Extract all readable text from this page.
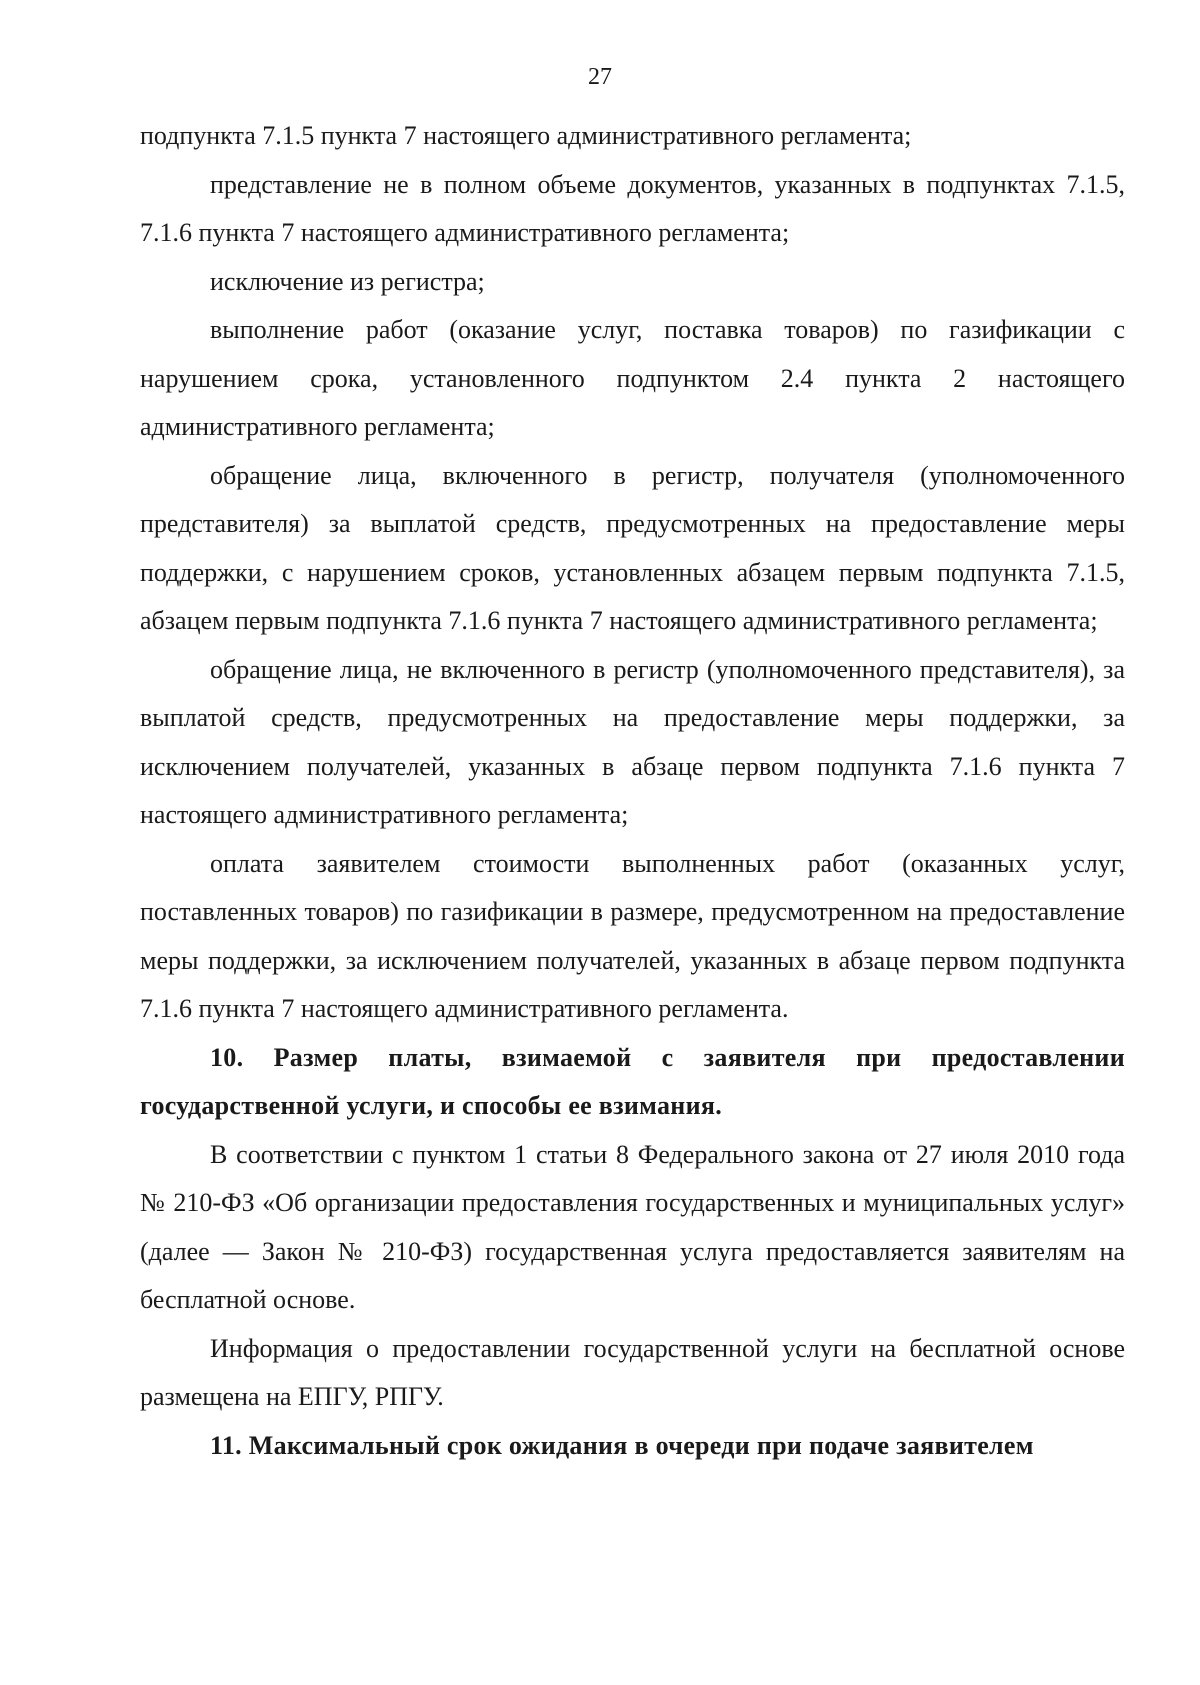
27

подпункта 7.1.5 пункта 7 настоящего административного регламента;

представление не в полном объеме документов, указанных в подпунктах 7.1.5, 7.1.6 пункта 7 настоящего административного регламента;

исключение из регистра;

выполнение работ (оказание услуг, поставка товаров) по газификации с нарушением срока, установленного подпунктом 2.4 пункта 2 настоящего административного регламента;

обращение лица, включенного в регистр, получателя (уполномоченного представителя) за выплатой средств, предусмотренных на предоставление меры поддержки, с нарушением сроков, установленных абзацем первым подпункта 7.1.5, абзацем первым подпункта 7.1.6 пункта 7 настоящего административного регламента;

обращение лица, не включенного в регистр (уполномоченного представителя), за выплатой средств, предусмотренных на предоставление меры поддержки, за исключением получателей, указанных в абзаце первом подпункта 7.1.6 пункта 7 настоящего административного регламента;

оплата заявителем стоимости выполненных работ (оказанных услуг, поставленных товаров) по газификации в размере, предусмотренном на предоставление меры поддержки, за исключением получателей, указанных в абзаце первом подпункта 7.1.6 пункта 7 настоящего административного регламента.

10. Размер платы, взимаемой с заявителя при предоставлении государственной услуги, и способы ее взимания.

В соответствии с пунктом 1 статьи 8 Федерального закона от 27 июля 2010 года № 210-ФЗ «Об организации предоставления государственных и муниципальных услуг» (далее — Закон № 210-ФЗ) государственная услуга предоставляется заявителям на бесплатной основе.

Информация о предоставлении государственной услуги на бесплатной основе размещена на ЕПГУ, РПГУ.

11. Максимальный срок ожидания в очереди при подаче заявителем
